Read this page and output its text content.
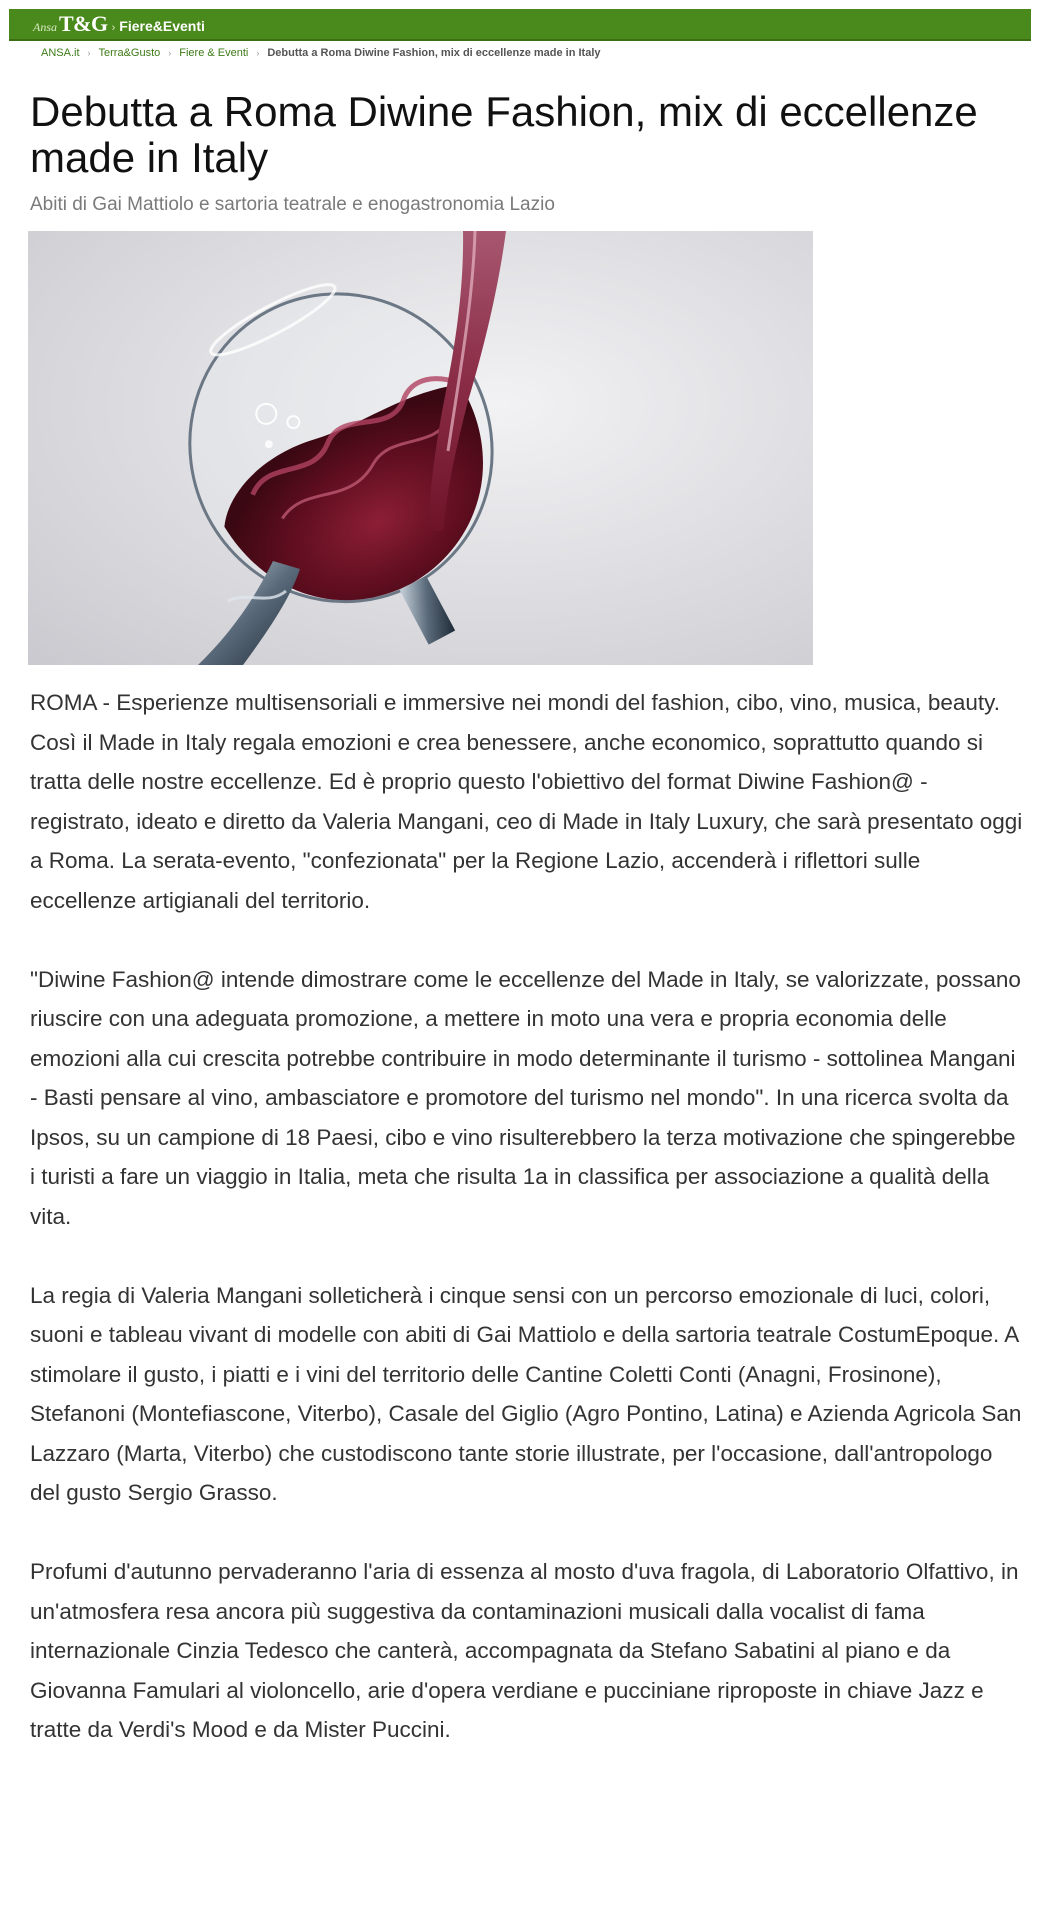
Ansa T&G › Fiere&Eventi
ANSA.it › Terra&Gusto › Fiere & Eventi › Debutta a Roma Diwine Fashion, mix di eccellenze made in Italy
Debutta a Roma Diwine Fashion, mix di eccellenze made in Italy
Abiti di Gai Mattiolo e sartoria teatrale e enogastronomia Lazio

ROMA - Esperienze multisensoriali e immersive nei mondi del fashion, cibo, vino, musica, beauty. Così il Made in Italy regala emozioni e crea benessere, anche economico, soprattutto quando si tratta delle nostre eccellenze. Ed è proprio questo l'obiettivo del format Diwine Fashion@ - registrato, ideato e diretto da Valeria Mangani, ceo di Made in Italy Luxury, che sarà presentato oggi a Roma. La serata-evento, "confezionata" per la Regione Lazio, accenderà i riflettori sulle eccellenze artigianali del territorio.

"Diwine Fashion@ intende dimostrare come le eccellenze del Made in Italy, se valorizzate, possano riuscire con una adeguata promozione, a mettere in moto una vera e propria economia delle emozioni alla cui crescita potrebbe contribuire in modo determinante il turismo - sottolinea Mangani - Basti pensare al vino, ambasciatore e promotore del turismo nel mondo". In una ricerca svolta da Ipsos, su un campione di 18 Paesi, cibo e vino risulterebbero la terza motivazione che spingerebbe i turisti a fare un viaggio in Italia, meta che risulta 1a in classifica per associazione a qualità della vita.

La regia di Valeria Mangani solleticherà i cinque sensi con un percorso emozionale di luci, colori, suoni e tableau vivant di modelle con abiti di Gai Mattiolo e della sartoria teatrale CostumEpoque. A stimolare il gusto, i piatti e i vini del territorio delle Cantine Coletti Conti (Anagni, Frosinone), Stefanoni (Montefiascone, Viterbo), Casale del Giglio (Agro Pontino, Latina) e Azienda Agricola San Lazzaro (Marta, Viterbo) che custodiscono tante storie illustrate, per l'occasione, dall'antropologo del gusto Sergio Grasso.

Profumi d'autunno pervaderanno l'aria di essenza al mosto d'uva fragola, di Laboratorio Olfattivo, in un'atmosfera resa ancora più suggestiva da contaminazioni musicali dalla vocalist di fama internazionale Cinzia Tedesco che canterà, accompagnata da Stefano Sabatini al piano e da Giovanna Famulari al violoncello, arie d'opera verdiane e pucciniane riproposte in chiave Jazz e tratte da Verdi's Mood e da Mister Puccini.
